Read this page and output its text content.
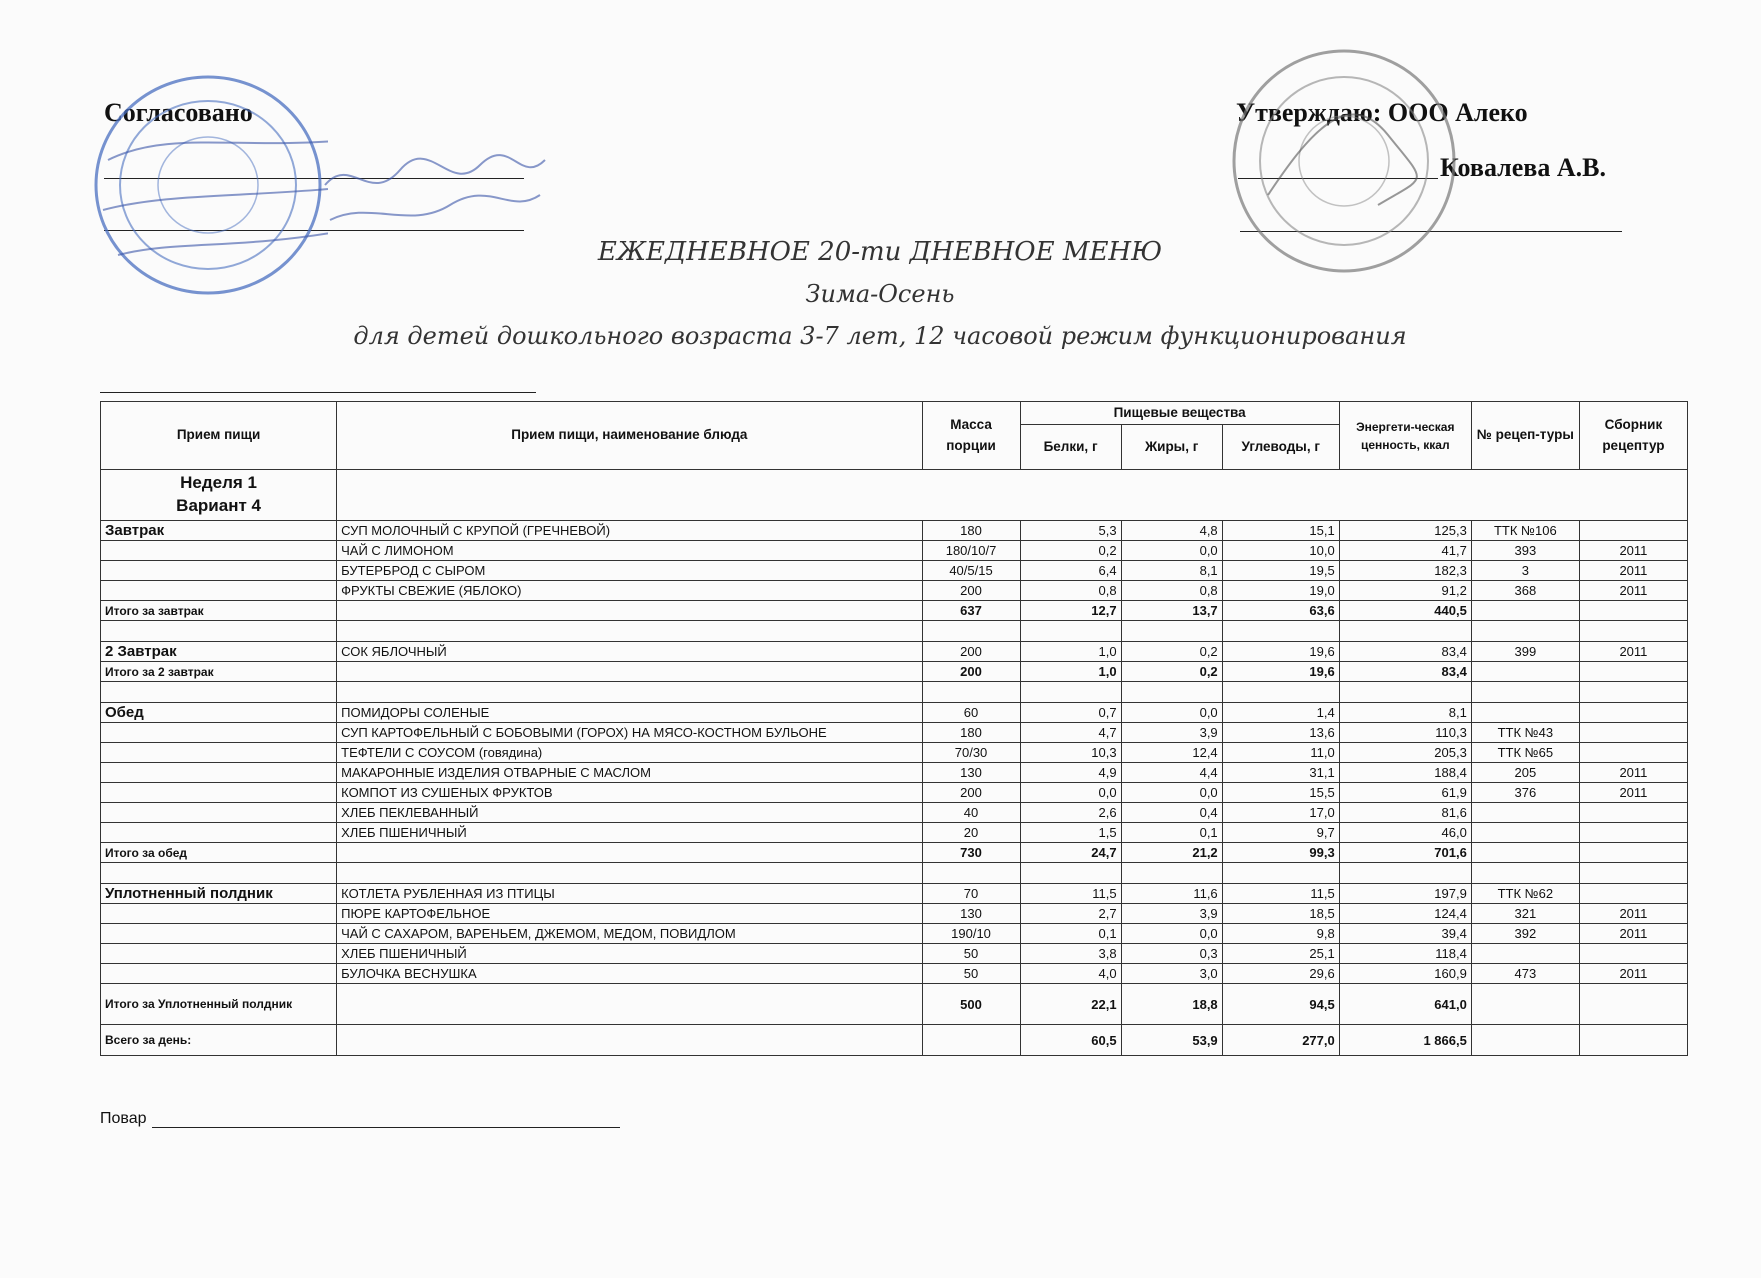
Согласовано	Утверждаю: ООО Алеко
Ковалева А.В.
ЕЖЕДНЕВНОЕ 20-ти ДНЕВНОЕ МЕНЮ
Зима-Осень
для детей дошкольного возраста 3-7 лет, 12 часовой режим функционирования
Прием пищи	Прием пищи, наименование блюда	Масса порции	Пищевые вещества			Энергети-ческая ценность, ккал	№ рецеп-туры	Сборник рецептур
			Белки, г	Жиры, г	Углеводы, г			
Неделя 1
Вариант 4								
Завтрак	СУП МОЛОЧНЫЙ С КРУПОЙ (ГРЕЧНЕВОЙ)	180	5,3	4,8	15,1	125,3	ТТК №106	
	ЧАЙ С ЛИМОНОМ	180/10/7	0,2	0,0	10,0	41,7	393	2011
	БУТЕРБРОД С СЫРОМ	40/5/15	6,4	8,1	19,5	182,3	3	2011
	ФРУКТЫ СВЕЖИЕ (ЯБЛОКО)	200	0,8	0,8	19,0	91,2	368	2011
Итого за завтрак		637	12,7	13,7	63,6	440,5		

2 Завтрак	СОК ЯБЛОЧНЫЙ	200	1,0	0,2	19,6	83,4	399	2011
Итого за 2 завтрак		200	1,0	0,2	19,6	83,4		

Обед	ПОМИДОРЫ СОЛЕНЫЕ	60	0,7	0,0	1,4	8,1		
	СУП КАРТОФЕЛЬНЫЙ С БОБОВЫМИ (ГОРОХ) НА МЯСО-КОСТНОМ БУЛЬОНЕ	180	4,7	3,9	13,6	110,3	ТТК №43	
	ТЕФТЕЛИ С СОУСОМ (говядина)	70/30	10,3	12,4	11,0	205,3	ТТК №65	
	МАКАРОННЫЕ ИЗДЕЛИЯ ОТВАРНЫЕ С МАСЛОМ	130	4,9	4,4	31,1	188,4	205	2011
	КОМПОТ ИЗ СУШЕНЫХ ФРУКТОВ	200	0,0	0,0	15,5	61,9	376	2011
	ХЛЕБ ПЕКЛЕВАННЫЙ	40	2,6	0,4	17,0	81,6		
	ХЛЕБ ПШЕНИЧНЫЙ	20	1,5	0,1	9,7	46,0		
Итого за обед		730	24,7	21,2	99,3	701,6		

Уплотненный полдник	КОТЛЕТА РУБЛЕННАЯ ИЗ ПТИЦЫ	70	11,5	11,6	11,5	197,9	ТТК №62	
	ПЮРЕ КАРТОФЕЛЬНОЕ	130	2,7	3,9	18,5	124,4	321	2011
	ЧАЙ С САХАРОМ, ВАРЕНЬЕМ, ДЖЕМОМ, МЕДОМ, ПОВИДЛОМ	190/10	0,1	0,0	9,8	39,4	392	2011
	ХЛЕБ ПШЕНИЧНЫЙ	50	3,8	0,3	25,1	118,4		
	БУЛОЧКА ВЕСНУШКА	50	4,0	3,0	29,6	160,9	473	2011
Итого за Уплотненный полдник		500	22,1	18,8	94,5	641,0		
Всего за день:			60,5	53,9	277,0	1 866,5		
Повар
